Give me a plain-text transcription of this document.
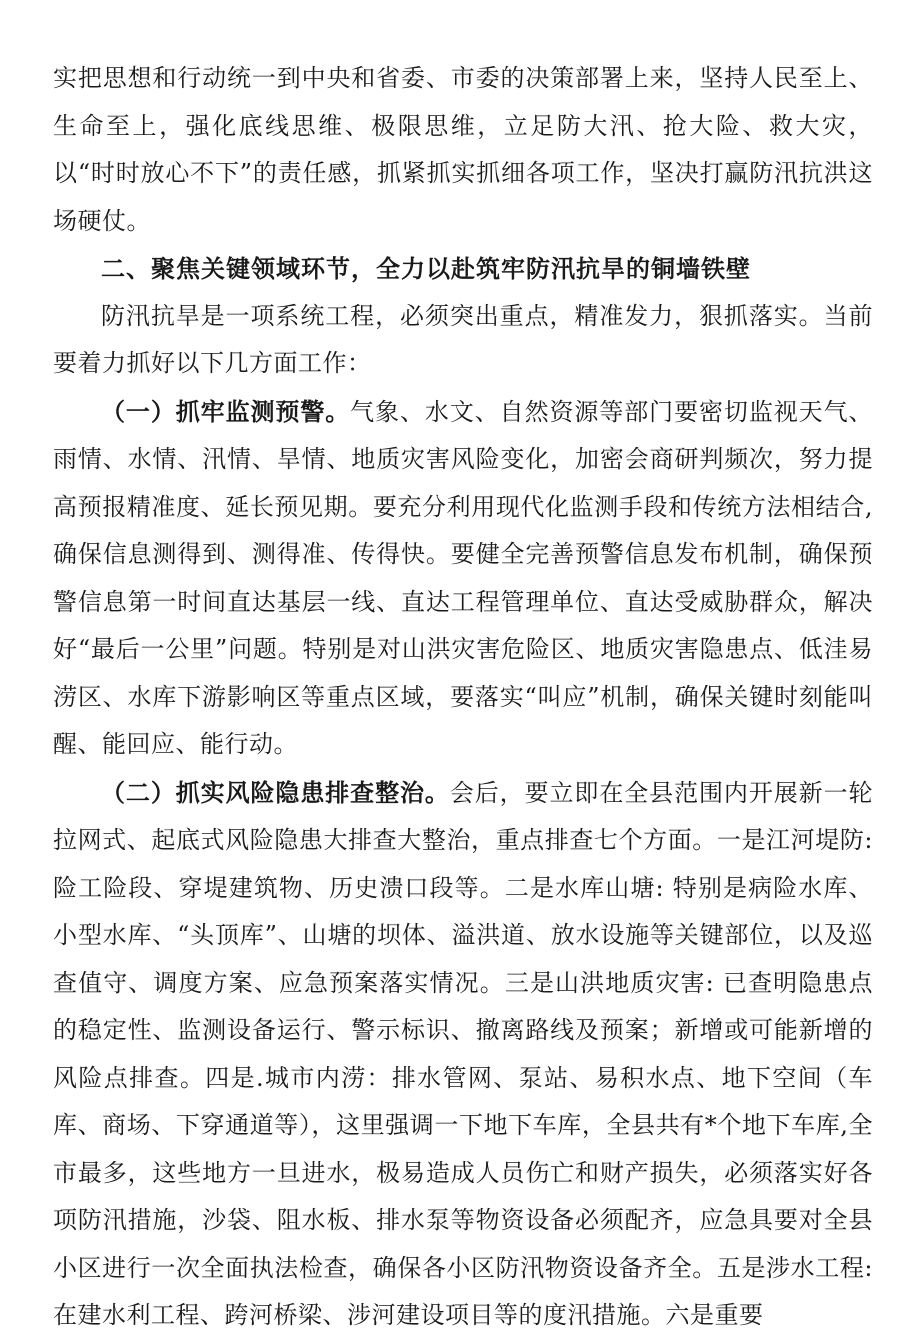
实把思想和行动统一到中央和省委、市委的决策部署上来，坚持人民至上、生命至上，强化底线思维、极限思维，立足防大汛、抢大险、救大灾，以“时时放心不下”的责任感，抓紧抓实抓细各项工作，坚决打赢防汛抗洪这场硬仗。

二、聚焦关键领域环节，全力以赴筑牢防汛抗旱的铜墙铁壁

防汛抗旱是一项系统工程，必须突出重点，精准发力，狠抓落实。当前要着力抓好以下几方面工作：

（一）抓牢监测预警。气象、水文、自然资源等部门要密切监视天气、雨情、水情、汛情、旱情、地质灾害风险变化，加密会商研判频次，努力提高预报精准度、延长预见期。要充分利用现代化监测手段和传统方法相结合,确保信息测得到、测得准、传得快。要健全完善预警信息发布机制，确保预警信息第一时间直达基层一线、直达工程管理单位、直达受威胁群众，解决好“最后一公里”问题。特别是对山洪灾害危险区、地质灾害隐患点、低洼易涝区、水库下游影响区等重点区域，要落实“叫应”机制，确保关键时刻能叫醒、能回应、能行动。

（二）抓实风险隐患排查整治。会后，要立即在全县范围内开展新一轮拉网式、起底式风险隐患大排查大整治，重点排查七个方面。一是江河堤防: 险工险段、穿堤建筑物、历史溃口段等。二是水库山塘: 特别是病险水库、小型水库、“头顶库”、山塘的坝体、溢洪道、放水设施等关键部位，以及巡查值守、调度方案、应急预案落实情况。三是山洪地质灾害: 已查明隐患点的稳定性、监测设备运行、警示标识、撤离路线及预案；新增或可能新增的风险点排查。四是.城市内涝：排水管网、泵站、易积水点、地下空间（车库、商场、下穿通道等），这里强调一下地下车库，全县共有*个地下车库,全市最多，这些地方一旦进水，极易造成人员伤亡和财产损失，必须落实好各项防汛措施，沙袋、阻水板、排水泵等物资设备必须配齐，应急具要对全县小区进行一次全面执法检查，确保各小区防汛物资设备齐全。五是涉水工程: 在建水利工程、跨河桥梁、涉河建设项目等的度汛措施。六是重要
